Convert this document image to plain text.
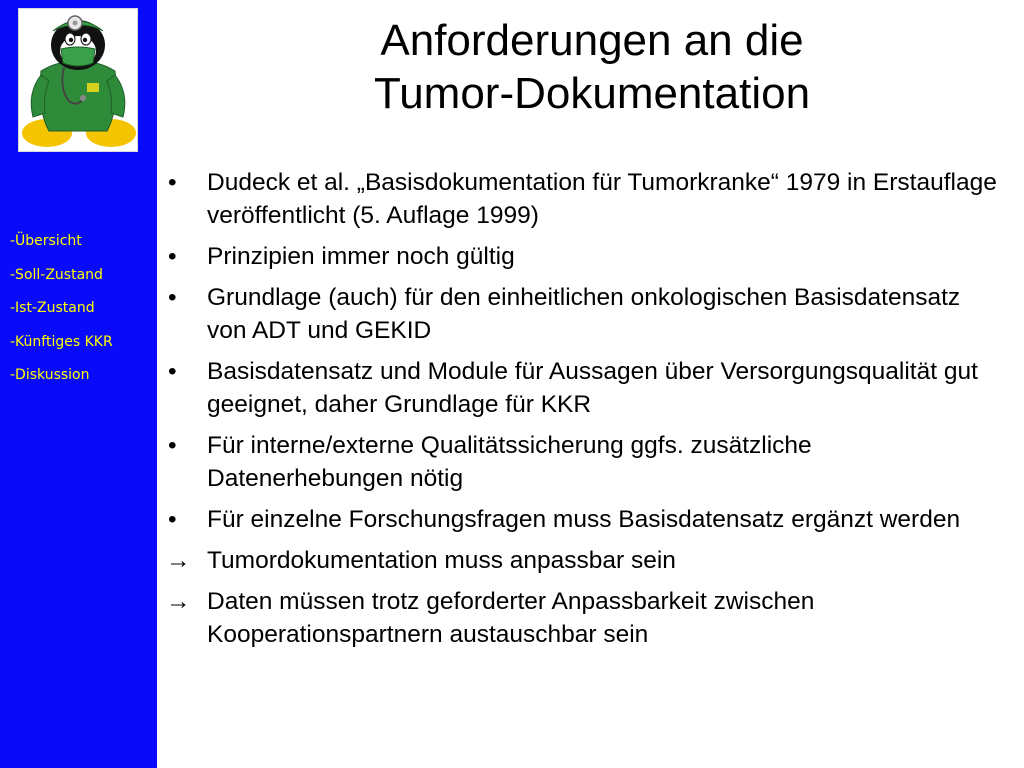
-Übersicht
-Soll-Zustand
-Ist-Zustand
-Künftiges KKR
-Diskussion
Anforderungen an die
Tumor-Dokumentation
• Dudeck et al. „Basisdokumentation für Tumorkranke“ 1979 in Erstauflage veröffentlicht (5. Auflage 1999)
• Prinzipien immer noch gültig
• Grundlage (auch) für den einheitlichen onkologischen Basisdatensatz von ADT und GEKID
• Basisdatensatz und Module für Aussagen über Versorgungsqualität gut geeignet, daher Grundlage für KKR
• Für interne/externe Qualitätssicherung ggfs. zusätzliche Datenerhebungen nötig
• Für einzelne Forschungsfragen muss Basisdatensatz ergänzt werden
→ Tumordokumentation muss anpassbar sein
→ Daten müssen trotz geforderter Anpassbarkeit zwischen Kooperationspartnern austauschbar sein
